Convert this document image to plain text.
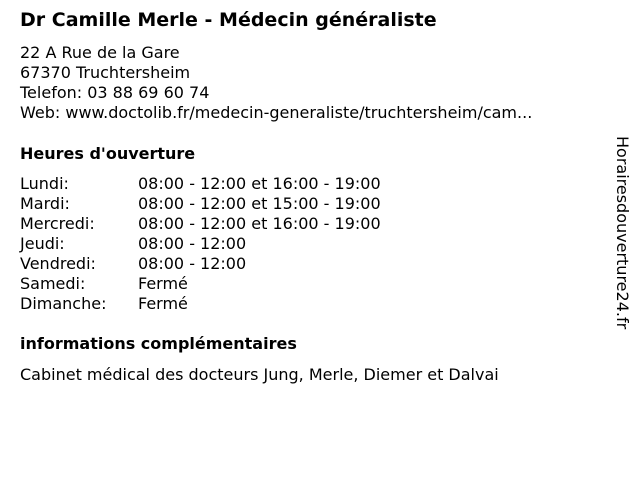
Dr Camille Merle - Médecin généraliste
22 A Rue de la Gare
67370 Truchtersheim
Telefon: 03 88 69 60 74
Web: www.doctolib.fr/medecin-generaliste/truchtersheim/cam...
Heures d'ouverture
Lundi:	08:00 - 12:00 et 16:00 - 19:00
Mardi:	08:00 - 12:00 et 15:00 - 19:00
Mercredi:	08:00 - 12:00 et 16:00 - 19:00
Jeudi:	08:00 - 12:00
Vendredi:	08:00 - 12:00
Samedi:	Fermé
Dimanche:	Fermé
informations complémentaires
Cabinet médical des docteurs Jung, Merle, Diemer et Dalvai
Horairesdouverture24.fr
